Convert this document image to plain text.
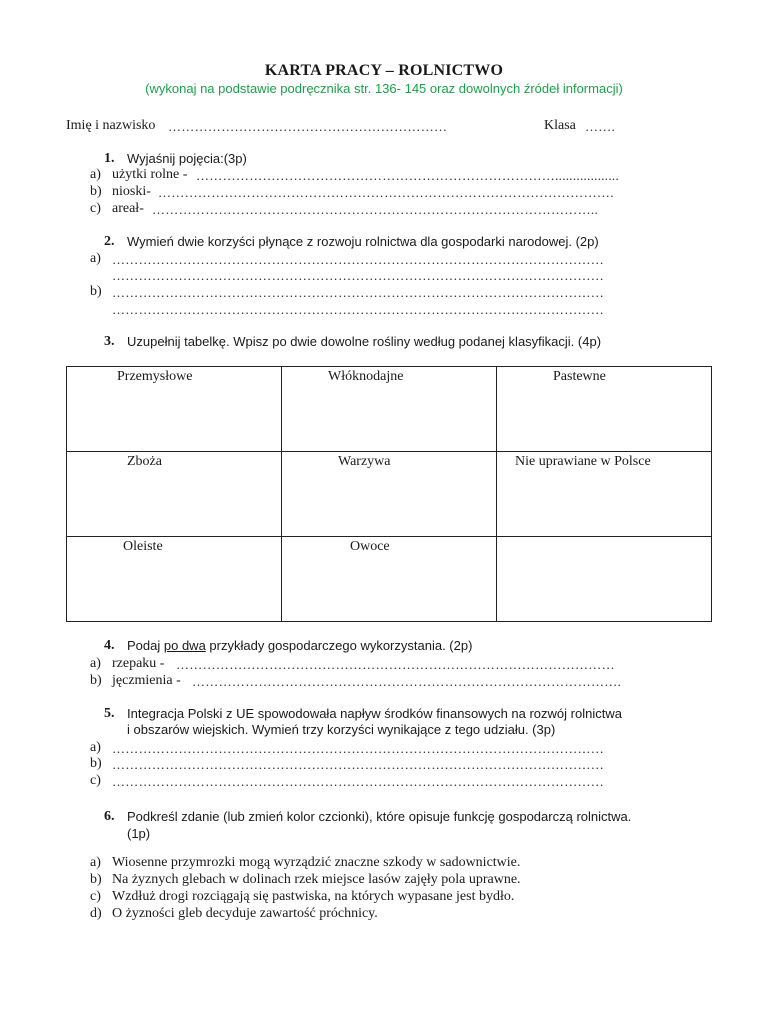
KARTA PRACY – ROLNICTWO
(wykonaj na podstawie podręcznika str. 136- 145 oraz dowolnych źródeł informacji)
Imię i nazwisko ………………………………………………………	Klasa …….
1. Wyjaśnij pojęcia:(3p)
a) użytki rolne - ………………………………………………………………………..................
b) nioski- ………………………………………………………………………………………….
c) areał- ………………………………………………………………………………………..
2. Wymień dwie korzyści płynące z rozwoju rolnictwa dla gospodarki narodowej. (2p)
a) …………………………………………………………………………………………………
…………………………………………………………………………………………………
b) …………………………………………………………………………………………………
…………………………………………………………………………………………………
3. Uzupełnij tabelkę. Wpisz po dwie dowolne rośliny według podanej klasyfikacji. (4p)
Przemysłowe	Włóknodajne	Pastewne

Zboża	Warzywa	Nie uprawiane w Polsce

Oleiste	Owoce	

4. Podaj po dwa przykłady gospodarczego wykorzystania. (2p)
a) rzepaku - ………………………………………………………………………………………
b) jęczmienia - …………………………………………………………………………………….
5. Integracja Polski z UE spowodowała napływ środków finansowych na rozwój rolnictwa
i obszarów wiejskich. Wymień trzy korzyści wynikające z tego udziału. (3p)
a) …………………………………………………………………………………………………
b) …………………………………………………………………………………………………
c) …………………………………………………………………………………………………
6. Podkreśl zdanie (lub zmień kolor czcionki), które opisuje funkcję gospodarczą rolnictwa.
(1p)
a) Wiosenne przymrozki mogą wyrządzić znaczne szkody w sadownictwie.
b) Na żyznych glebach w dolinach rzek miejsce lasów zajęły pola uprawne.
c) Wzdłuż drogi rozciągają się pastwiska, na których wypasane jest bydło.
d) O żyzności gleb decyduje zawartość próchnicy.
